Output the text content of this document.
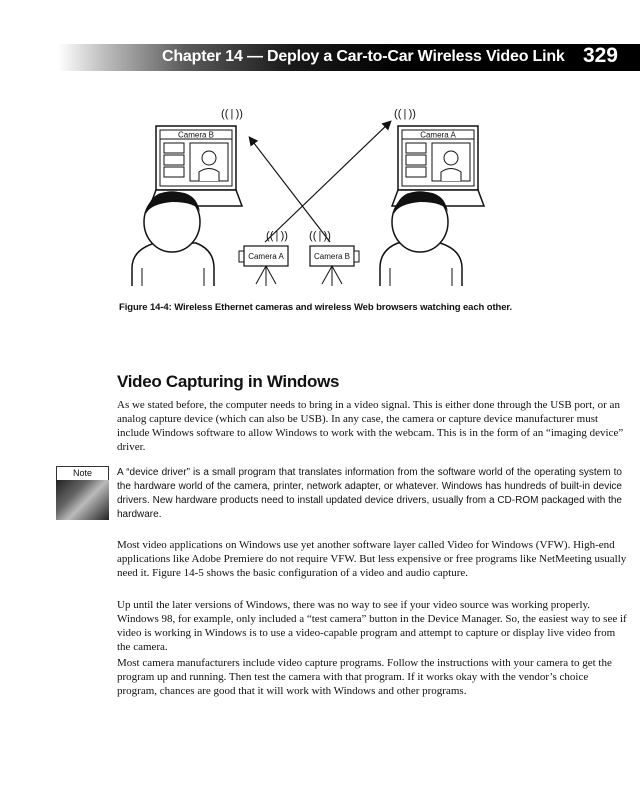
Chapter 14 — Deploy a Car-to-Car Wireless Video Link 329
Camera B	Camera A
(( | ))	(( | ))
(( | )) (( | ))
Camera A	Camera B
Figure 14-4: Wireless Ethernet cameras and wireless Web browsers watching each other.
Video Capturing in Windows

As we stated before, the computer needs to bring in a video signal. This is either done through the USB port, or an analog capture device (which can also be USB). In any case, the camera or capture device manufacturer must include Windows software to allow Windows to work with the webcam. This is in the form of an “imaging device” driver.

Note	A “device driver” is a small program that translates information from the software world of the operating system to the hardware world of the camera, printer, network adapter, or whatever. Windows has hundreds of built-in device drivers. New hardware products need to install updated device drivers, usually from a CD-ROM packaged with the hardware.

Most video applications on Windows use yet another software layer called Video for Windows (VFW). High-end applications like Adobe Premiere do not require VFW. But less expensive or free programs like NetMeeting usually need it. Figure 14-5 shows the basic configuration of a video and audio capture.

Up until the later versions of Windows, there was no way to see if your video source was working properly. Windows 98, for example, only included a “test camera” button in the Device Manager. So, the easiest way to see if video is working in Windows is to use a video-capable program and attempt to capture or display live video from the camera.

Most camera manufacturers include video capture programs. Follow the instructions with your camera to get the program up and running. Then test the camera with that program. If it works okay with the vendor’s choice program, chances are good that it will work with Windows and other programs.
